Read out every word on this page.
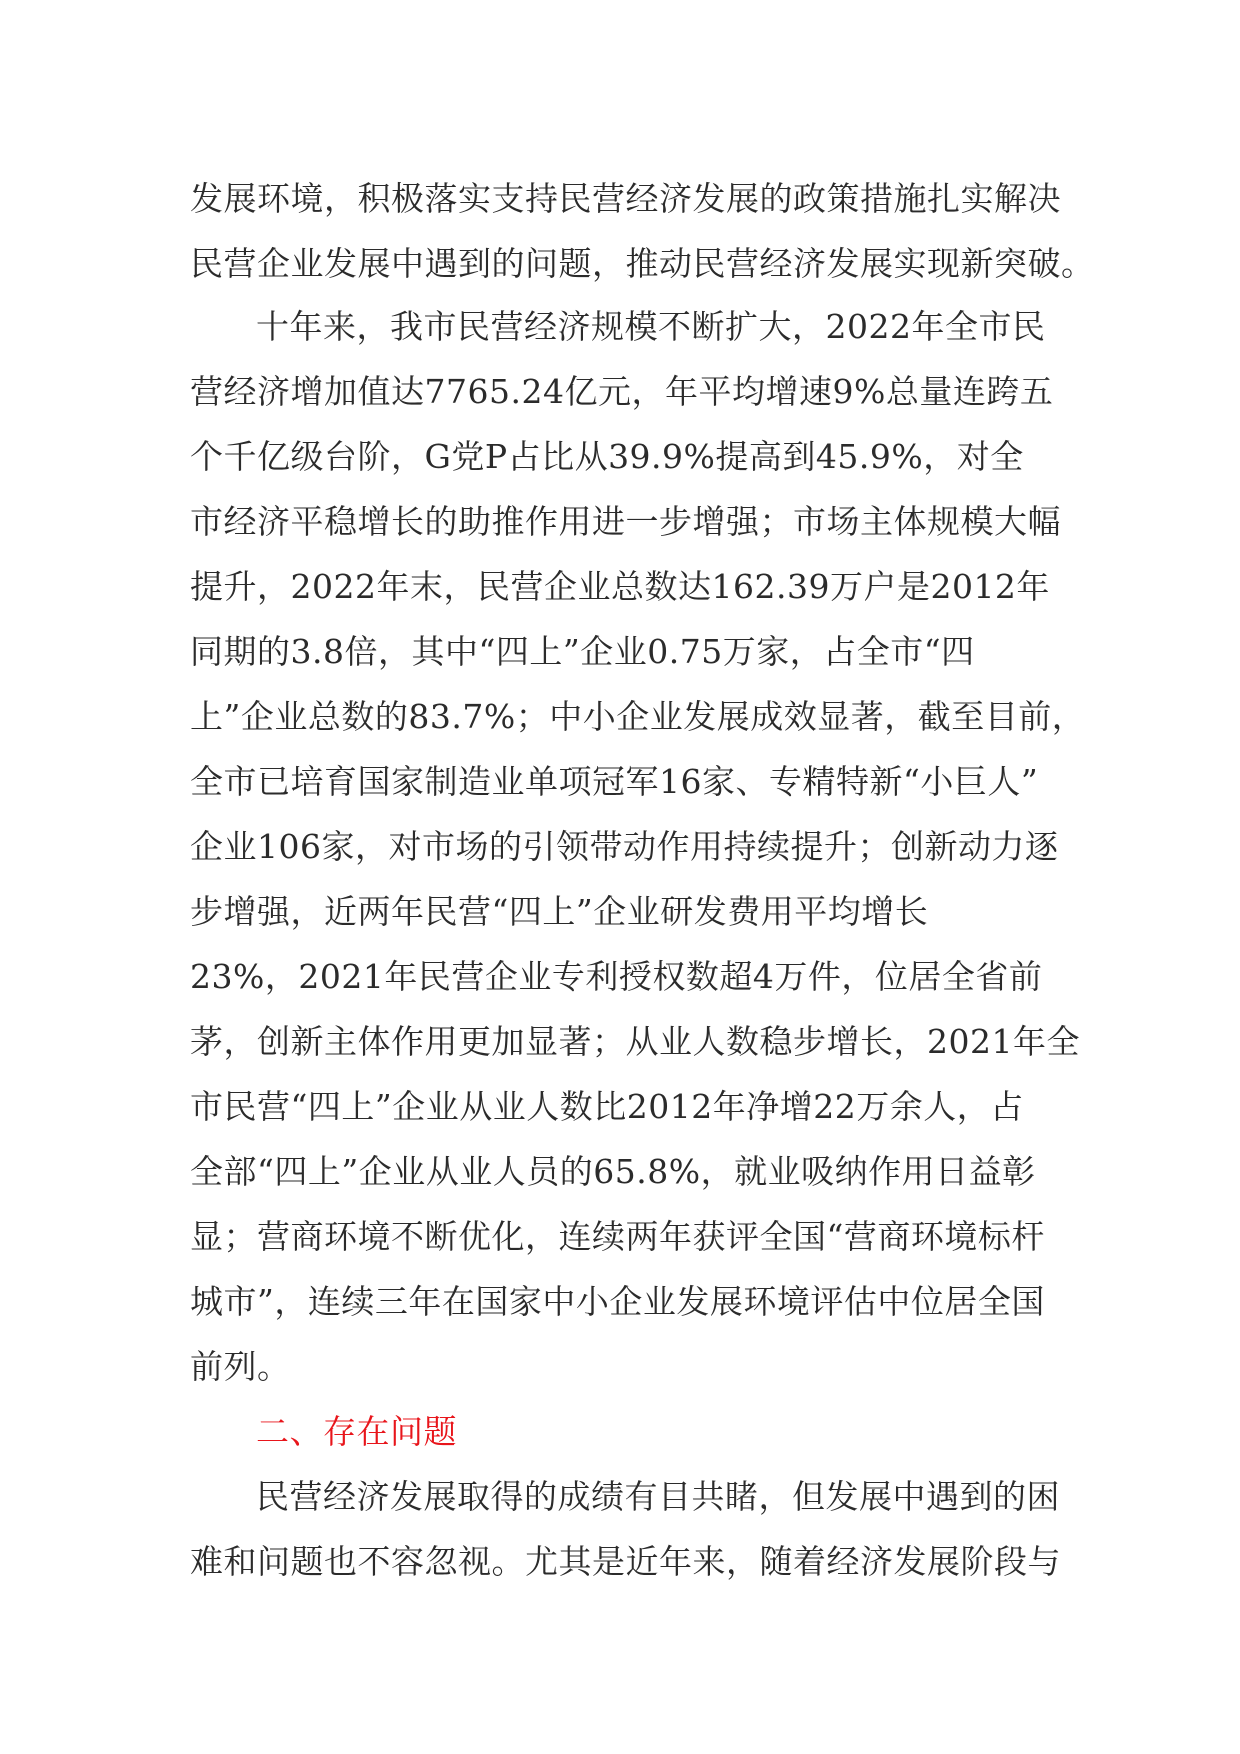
发展环境，积极落实支持民营经济发展的政策措施扎实解决
民营企业发展中遇到的问题，推动民营经济发展实现新突破。
十年来，我市民营经济规模不断扩大，2022年全市民
营经济增加值达7765.24亿元，年平均增速9%总量连跨五
个千亿级台阶，G党P占比从39.9%提高到45.9%，对全
市经济平稳增长的助推作用进一步增强；市场主体规模大幅
提升，2022年末，民营企业总数达162.39万户是2012年
同期的3.8倍，其中“四上”企业0.75万家，占全市“四
上”企业总数的83.7%；中小企业发展成效显著，截至目前，
全市已培育国家制造业单项冠军16家、专精特新“小巨人”
企业106家，对市场的引领带动作用持续提升；创新动力逐
步增强，近两年民营“四上”企业研发费用平均增长
23%，2021年民营企业专利授权数超4万件，位居全省前
茅，创新主体作用更加显著；从业人数稳步增长，2021年全
市民营“四上”企业从业人数比2012年净增22万余人，占
全部“四上”企业从业人员的65.8%，就业吸纳作用日益彰
显；营商环境不断优化，连续两年获评全国“营商环境标杆
城市”，连续三年在国家中小企业发展环境评估中位居全国
前列。
二、存在问题
民营经济发展取得的成绩有目共睹，但发展中遇到的困
难和问题也不容忽视。尤其是近年来，随着经济发展阶段与
